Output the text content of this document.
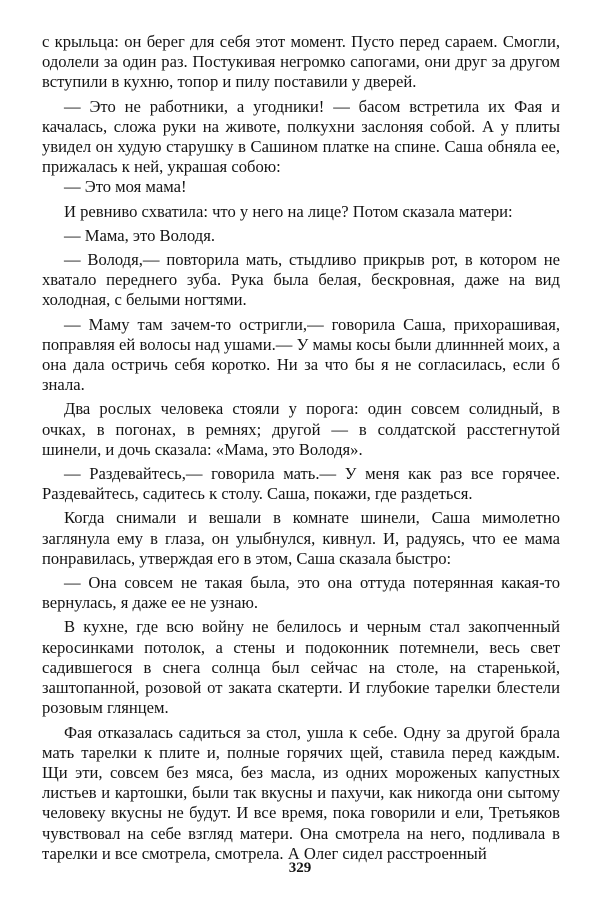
с крыльца: он берег для себя этот момент. Пусто перед сараем. Смогли, одолели за один раз. Постукивая негромко сапогами, они друг за другом вступили в кухню, топор и пилу поставили у дверей.

— Это не работники, а угодники! — басом встретила их Фая и качалась, сложа руки на животе, полкухни заслоняя собой. А у плиты увидел он худую старушку в Сашином платке на спине. Саша обняла ее, прижалась к ней, украшая собою:

— Это моя мама!

И ревниво схватила: что у него на лице? Потом сказала матери:

— Мама, это Володя.

— Володя,— повторила мать, стыдливо прикрыв рот, в котором не хватало переднего зуба. Рука была белая, бескровная, даже на вид холодная, с белыми ногтями.

— Маму там зачем-то остригли,— говорила Саша, прихорашивая, поправляя ей волосы над ушами.— У мамы косы были длиннней моих, а она дала остричь себя коротко. Ни за что бы я не согласилась, если б знала.

Два рослых человека стояли у порога: один совсем солидный, в очках, в погонах, в ремнях; другой — в солдатской расстегнутой шинели, и дочь сказала: «Мама, это Володя».

— Раздевайтесь,— говорила мать.— У меня как раз все горячее. Раздевайтесь, садитесь к столу. Саша, покажи, где раздеться.

Когда снимали и вешали в комнате шинели, Саша мимолетно заглянула ему в глаза, он улыбнулся, кивнул. И, радуясь, что ее мама понравилась, утверждая его в этом, Саша сказала быстро:

— Она совсем не такая была, это она оттуда потерянная какая-то вернулась, я даже ее не узнаю.

В кухне, где всю войну не белилось и черным стал закопченный керосинками потолок, а стены и подоконник потемнели, весь свет садившегося в снега солнца был сейчас на столе, на старенькой, заштопанной, розовой от заката скатерти. И глубокие тарелки блестели розовым глянцем.

Фая отказалась садиться за стол, ушла к себе. Одну за другой брала мать тарелки к плите и, полные горячих щей, ставила перед каждым. Щи эти, совсем без мяса, без масла, из одних мороженых капустных листьев и картошки, были так вкусны и пахучи, как никогда они сытому человеку вкусны не будут. И все время, пока говорили и ели, Третьяков чувствовал на себе взгляд матери. Она смотрела на него, подливала в тарелки и все смотрела, смотрела. А Олег сидел расстроенный

329
